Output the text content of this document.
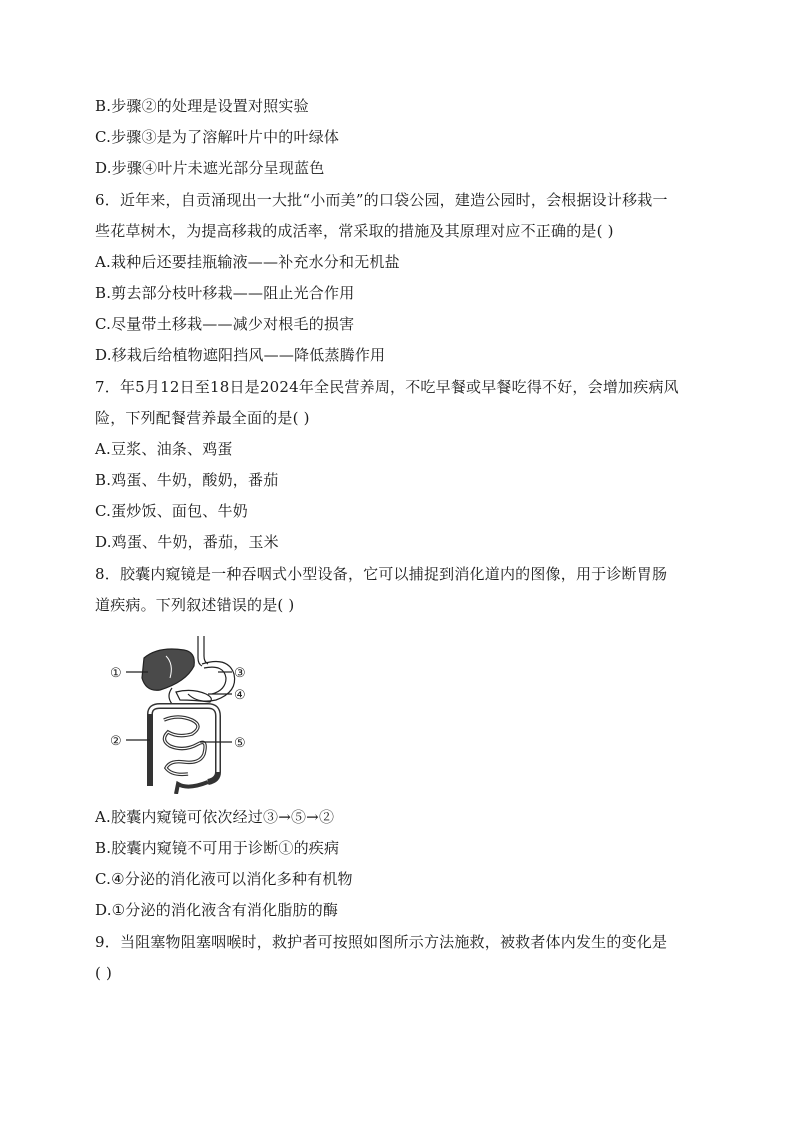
B.步骤②的处理是设置对照实验
C.步骤③是为了溶解叶片中的叶绿体
D.步骤④叶片未遮光部分呈现蓝色
6．近年来，自贡涌现出一大批“小而美”的口袋公园，建造公园时，会根据设计移栽一
些花草树木，为提高移栽的成活率，常采取的措施及其原理对应不正确的是( )
A.栽种后还要挂瓶输液——补充水分和无机盐
B.剪去部分枝叶移栽——阻止光合作用
C.尽量带土移栽——减少对根毛的损害
D.移栽后给植物遮阳挡风——降低蒸腾作用
7．年5月12日至18日是2024年全民营养周，不吃早餐或早餐吃得不好，会增加疾病风
险，下列配餐营养最全面的是( )
A.豆浆、油条、鸡蛋
B.鸡蛋、牛奶，酸奶，番茄
C.蛋炒饭、面包、牛奶
D.鸡蛋、牛奶，番茄，玉米
8．胶囊内窥镜是一种吞咽式小型设备，它可以捕捉到消化道内的图像，用于诊断胃肠
道疾病。下列叙述错误的是( )
①
②
③
④
⑤
A.胶囊内窥镜可依次经过③→⑤→②
B.胶囊内窥镜不可用于诊断①的疾病
C.④分泌的消化液可以消化多种有机物
D.①分泌的消化液含有消化脂肪的酶
9．当阻塞物阻塞咽喉时，救护者可按照如图所示方法施救，被救者体内发生的变化是
( )
